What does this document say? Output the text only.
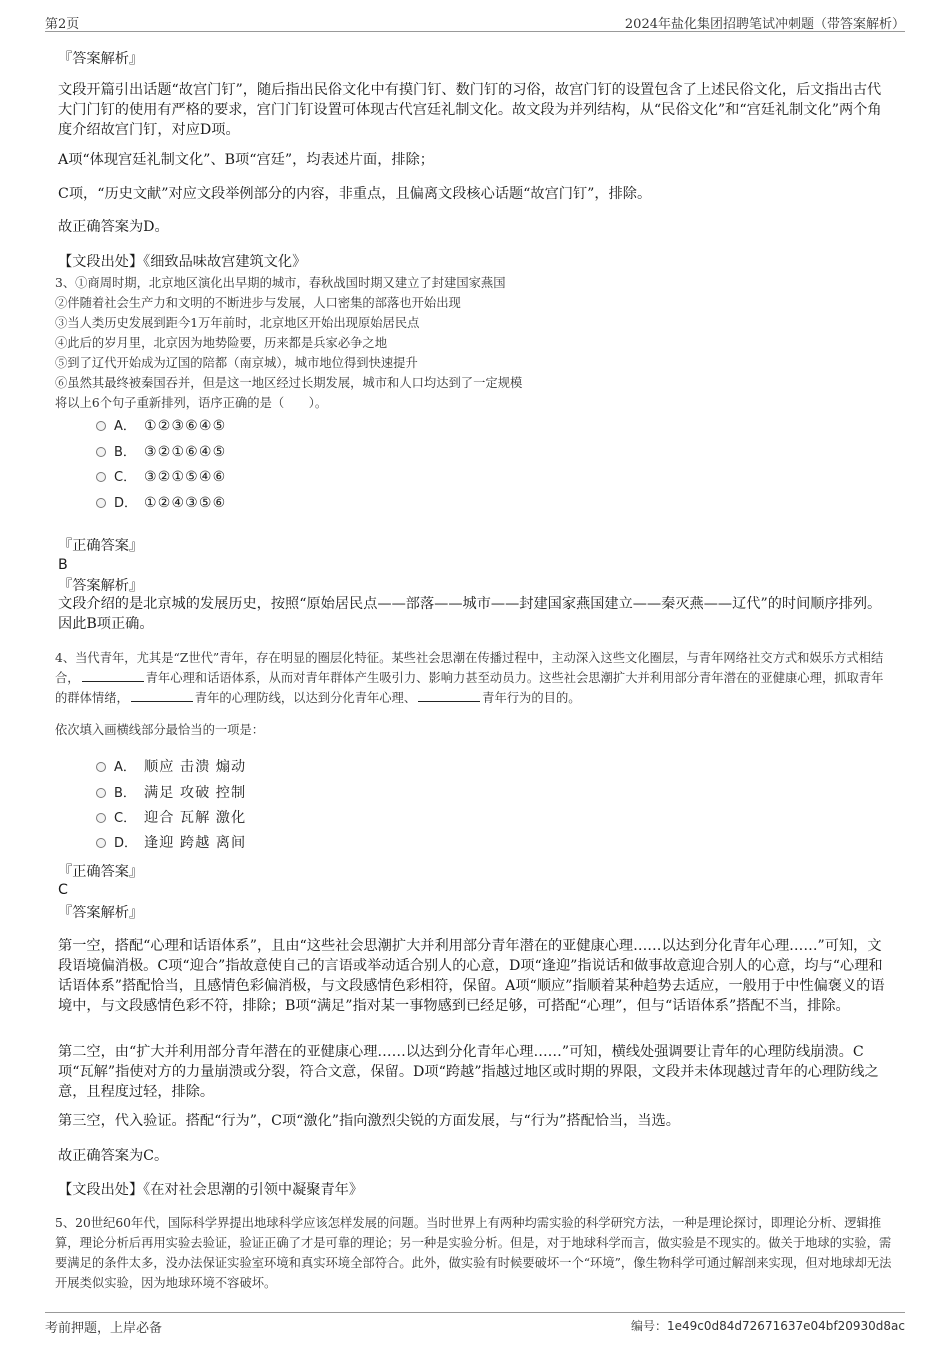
第2页	2024年盐化集团招聘笔试冲刺题（带答案解析）
『答案解析』
文段开篇引出话题“故宫门钉”，随后指出民俗文化中有摸门钉、数门钉的习俗，故宫门钉的设置包含了上述民俗文化，后文指出古代大门门钉的使用有严格的要求，宫门门钉设置可体现古代宫廷礼制文化。故文段为并列结构，从“民俗文化”和“宫廷礼制文化”两个角度介绍故宫门钉，对应D项。
A项“体现宫廷礼制文化”、B项“宫廷”，均表述片面，排除；
C项，“历史文献”对应文段举例部分的内容，非重点，且偏离文段核心话题“故宫门钉”，排除。
故正确答案为D。
【文段出处】《细致品味故宫建筑文化》
3、①商周时期，北京地区演化出早期的城市，春秋战国时期又建立了封建国家燕国
②伴随着社会生产力和文明的不断进步与发展，人口密集的部落也开始出现
③当人类历史发展到距今1万年前时，北京地区开始出现原始居民点
④此后的岁月里，北京因为地势险要，历来都是兵家必争之地
⑤到了辽代开始成为辽国的陪都（南京城），城市地位得到快速提升
⑥虽然其最终被秦国吞并，但是这一地区经过长期发展，城市和人口均达到了一定规模
将以上6个句子重新排列，语序正确的是（　　）。
A． ①②③⑥④⑤
B． ③②①⑥④⑤
C． ③②①⑤④⑥
D． ①②④③⑤⑥
『正确答案』
B
『答案解析』
文段介绍的是北京城的发展历史，按照“原始居民点——部落——城市——封建国家燕国建立——秦灭燕——辽代”的时间顺序排列。因此B项正确。
4、当代青年，尤其是“Z世代”青年，存在明显的圈层化特征。某些社会思潮在传播过程中，主动深入这些文化圈层，与青年网络社交方式和娱乐方式相结合，	青年心理和话语体系，从而对青年群体产生吸引力、影响力甚至动员力。这些社会思潮扩大并利用部分青年潜在的亚健康心理，抓取青年的群体情绪，	青年的心理防线，以达到分化青年心理、	青年行为的目的。
依次填入画横线部分最恰当的一项是：
A． 顺应 击溃 煽动
B． 满足 攻破 控制
C． 迎合 瓦解 激化
D． 逢迎 跨越 离间
『正确答案』
C
『答案解析』
第一空，搭配“心理和话语体系”，且由“这些社会思潮扩大并利用部分青年潜在的亚健康心理……以达到分化青年心理……”可知，文段语境偏消极。C项“迎合”指故意使自己的言语或举动适合别人的心意，D项“逢迎”指说话和做事故意迎合别人的心意，均与“心理和话语体系”搭配恰当，且感情色彩偏消极，与文段感情色彩相符，保留。A项“顺应”指顺着某种趋势去适应，一般用于中性偏褒义的语境中，与文段感情色彩不符，排除；B项“满足”指对某一事物感到已经足够，可搭配“心理”，但与“话语体系”搭配不当，排除。
第二空，由“扩大并利用部分青年潜在的亚健康心理……以达到分化青年心理……”可知，横线处强调要让青年的心理防线崩溃。C项“瓦解”指使对方的力量崩溃或分裂，符合文意，保留。D项“跨越”指越过地区或时期的界限，文段并未体现越过青年的心理防线之意，且程度过轻，排除。
第三空，代入验证。搭配“行为”，C项“激化”指向激烈尖锐的方面发展，与“行为”搭配恰当，当选。
故正确答案为C。
【文段出处】《在对社会思潮的引领中凝聚青年》
5、20世纪60年代，国际科学界提出地球科学应该怎样发展的问题。当时世界上有两种均需实验的科学研究方法，一种是理论探讨，即理论分析、逻辑推算，理论分析后再用实验去验证，验证正确了才是可靠的理论；另一种是实验分析。但是，对于地球科学而言，做实验是不现实的。做关于地球的实验，需要满足的条件太多，没办法保证实验室环境和真实环境全部符合。此外，做实验有时候要破坏一个“环境”，像生物科学可通过解剖来实现，但对地球却无法开展类似实验，因为地球环境不容破坏。
考前押题，上岸必备	编号：1e49c0d84d72671637e04bf20930d8ac
